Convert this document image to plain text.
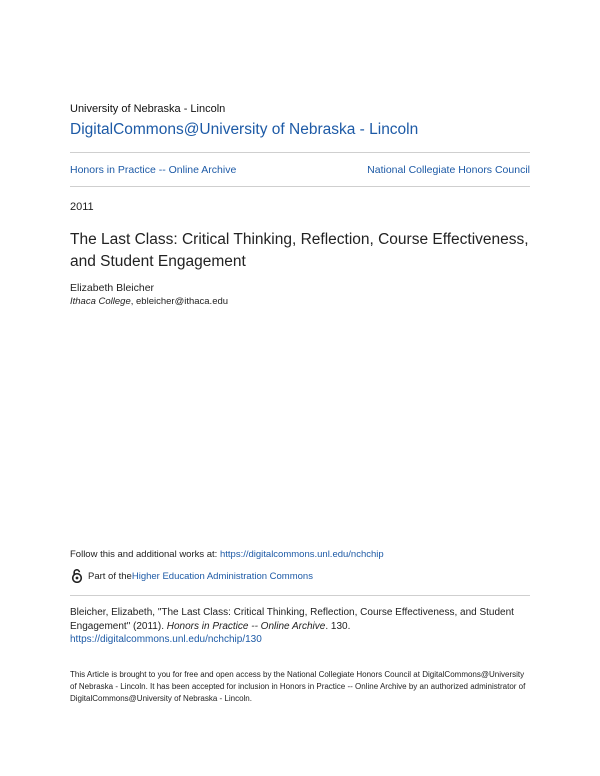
University of Nebraska - Lincoln
DigitalCommons@University of Nebraska - Lincoln
Honors in Practice -- Online Archive	National Collegiate Honors Council
2011
The Last Class: Critical Thinking, Reflection, Course Effectiveness, and Student Engagement
Elizabeth Bleicher
Ithaca College, ebleicher@ithaca.edu
Follow this and additional works at: https://digitalcommons.unl.edu/nchchip
Part of the Higher Education Administration Commons
Bleicher, Elizabeth, "The Last Class: Critical Thinking, Reflection, Course Effectiveness, and Student Engagement" (2011). Honors in Practice -- Online Archive. 130.
https://digitalcommons.unl.edu/nchchip/130
This Article is brought to you for free and open access by the National Collegiate Honors Council at DigitalCommons@University of Nebraska - Lincoln. It has been accepted for inclusion in Honors in Practice -- Online Archive by an authorized administrator of DigitalCommons@University of Nebraska - Lincoln.
